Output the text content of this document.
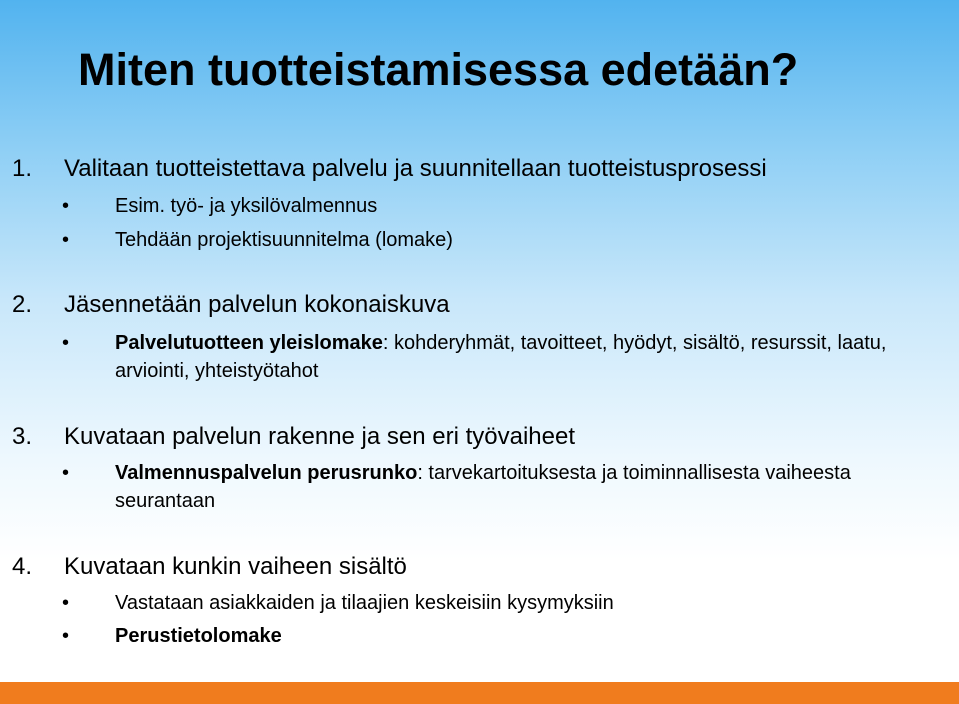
Miten tuotteistamisessa edetään?
1. Valitaan tuotteistettava palvelu ja suunnitellaan tuotteistusprosessi
• Esim. työ- ja yksilövalmennus
• Tehdään projektisuunnitelma (lomake)
2. Jäsennetään palvelun kokonaiskuva
• Palvelutuotteen yleislomake: kohderyhmät, tavoitteet, hyödyt, sisältö, resurssit, laatu, arviointi, yhteistyötahot
3. Kuvataan palvelun rakenne ja sen eri työvaiheet
• Valmennuspalvelun perusrunko: tarvekartoituksesta ja toiminnallisesta vaiheesta seurantaan
4. Kuvataan kunkin vaiheen sisältö
• Vastataan asiakkaiden ja tilaajien keskeisiin kysymyksiin
• Perustietolomake
